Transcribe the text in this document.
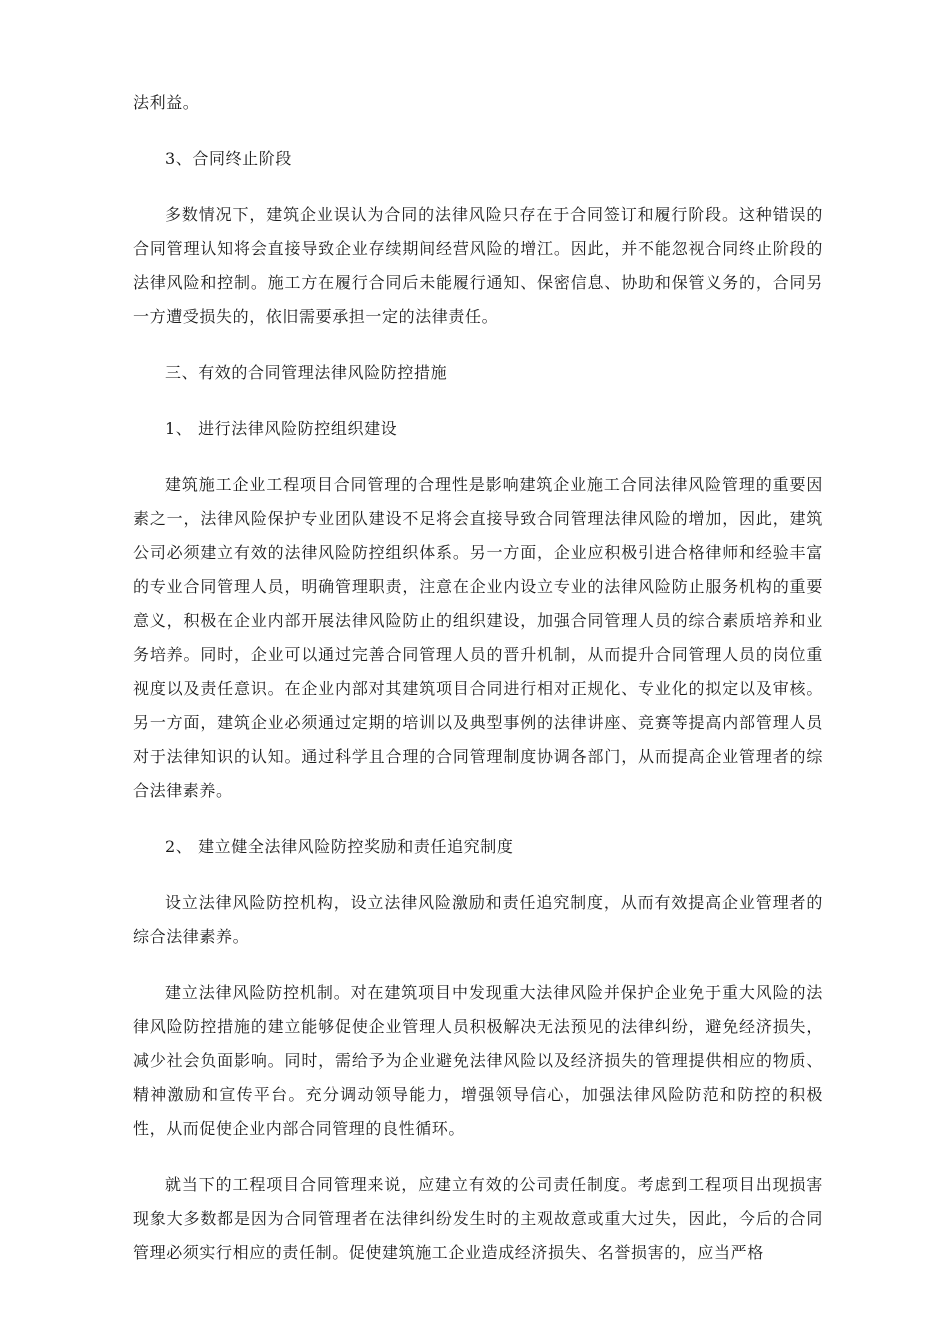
法利益。

3、合同终止阶段

多数情况下，建筑企业误认为合同的法律风险只存在于合同签订和履行阶段。这种错误的合同管理认知将会直接导致企业存续期间经营风险的增江。因此，并不能忽视合同终止阶段的法律风险和控制。施工方在履行合同后未能履行通知、保密信息、协助和保管义务的，合同另一方遭受损失的，依旧需要承担一定的法律责任。

三、有效的合同管理法律风险防控措施

1、 进行法律风险防控组织建设

建筑施工企业工程项目合同管理的合理性是影响建筑企业施工合同法律风险管理的重要因素之一，法律风险保护专业团队建设不足将会直接导致合同管理法律风险的增加，因此，建筑公司必须建立有效的法律风险防控组织体系。另一方面，企业应积极引进合格律师和经验丰富的专业合同管理人员，明确管理职责，注意在企业内设立专业的法律风险防止服务机构的重要意义，积极在企业内部开展法律风险防止的组织建设，加强合同管理人员的综合素质培养和业务培养。同时，企业可以通过完善合同管理人员的晋升机制，从而提升合同管理人员的岗位重视度以及责任意识。在企业内部对其建筑项目合同进行相对正规化、专业化的拟定以及审核。另一方面，建筑企业必须通过定期的培训以及典型事例的法律讲座、竞赛等提高内部管理人员对于法律知识的认知。通过科学且合理的合同管理制度协调各部门，从而提高企业管理者的综合法律素养。

2、 建立健全法律风险防控奖励和责任追究制度

设立法律风险防控机构，设立法律风险激励和责任追究制度，从而有效提高企业管理者的综合法律素养。

建立法律风险防控机制。对在建筑项目中发现重大法律风险并保护企业免于重大风险的法律风险防控措施的建立能够促使企业管理人员积极解决无法预见的法律纠纷，避免经济损失，减少社会负面影响。同时，需给予为企业避免法律风险以及经济损失的管理提供相应的物质、精神激励和宣传平台。充分调动领导能力，增强领导信心，加强法律风险防范和防控的积极性，从而促使企业内部合同管理的良性循环。

就当下的工程项目合同管理来说，应建立有效的公司责任制度。考虑到工程项目出现损害现象大多数都是因为合同管理者在法律纠纷发生时的主观故意或重大过失，因此，今后的合同管理必须实行相应的责任制。促使建筑施工企业造成经济损失、名誉损害的，应当严格
